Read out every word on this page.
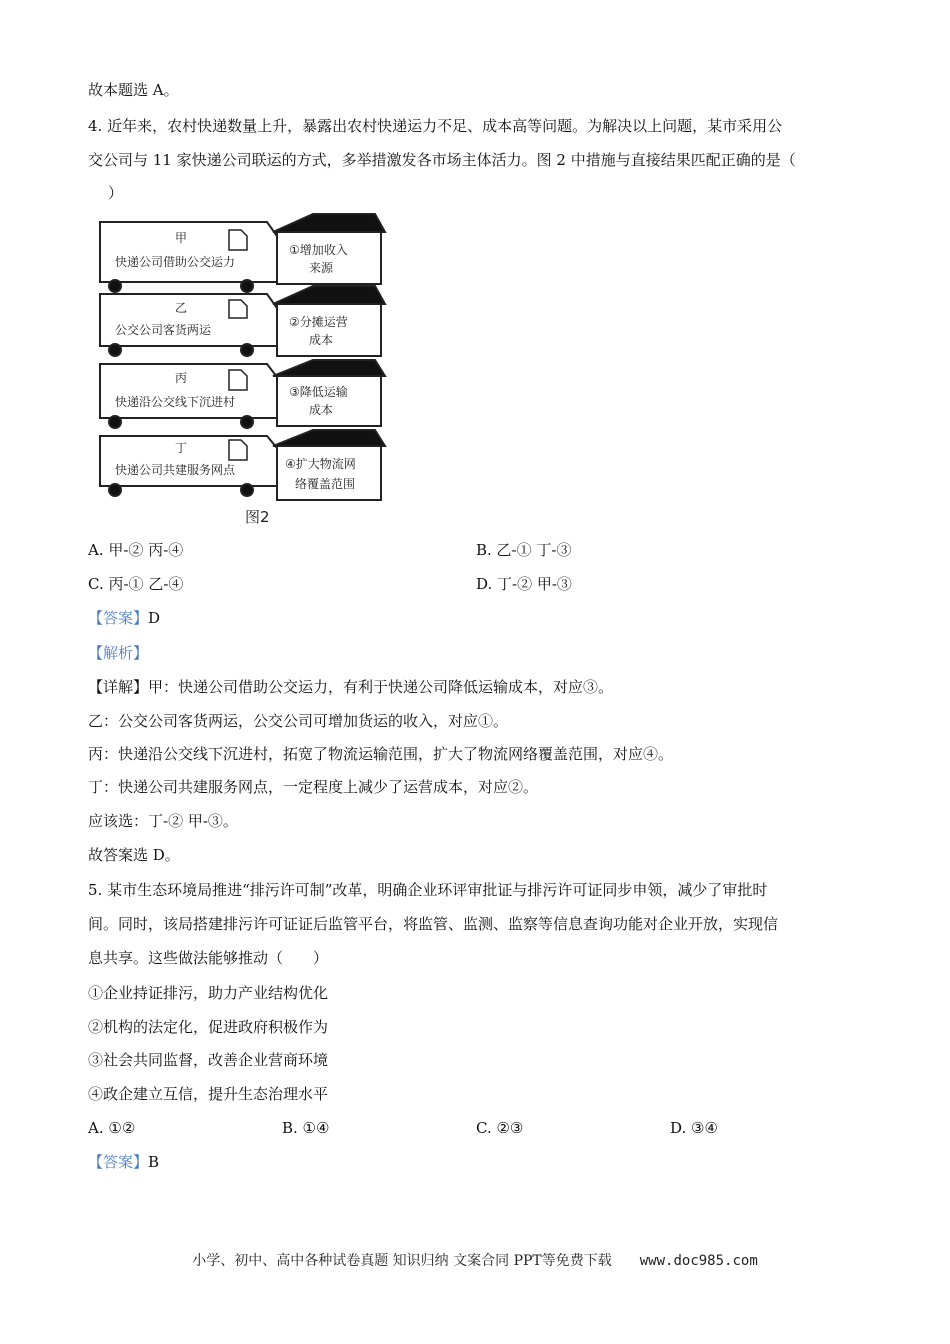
故本题选 A。
4. 近年来，农村快递数量上升，暴露出农村快递运力不足、成本高等问题。为解决以上问题，某市采用公
交公司与 11 家快递公司联运的方式，多举措激发各市场主体活力。图 2 中措施与直接结果匹配正确的是（
）
甲
快递公司借助公交运力
乙
公交公司客货两运
丙
快递沿公交线下沉进村
丁
快递公司共建服务网点
①增加收入
来源
②分摊运营
成本
③降低运输
成本
④扩大物流网
络覆盖范围
图2
A. 甲-② 丙-④	B. 乙-① 丁-③
C. 丙-① 乙-④	D. 丁-② 甲-③
【答案】D
【解析】
【详解】甲：快递公司借助公交运力，有利于快递公司降低运输成本，对应③。
乙：公交公司客货两运，公交公司可增加货运的收入，对应①。
丙：快递沿公交线下沉进村，拓宽了物流运输范围，扩大了物流网络覆盖范围，对应④。
丁：快递公司共建服务网点，一定程度上减少了运营成本，对应②。
应该选：丁-② 甲-③。
故答案选 D。
5. 某市生态环境局推进“排污许可制”改革，明确企业环评审批证与排污许可证同步申领，减少了审批时
间。同时，该局搭建排污许可证证后监管平台，将监管、监测、监察等信息查询功能对企业开放，实现信
息共享。这些做法能够推动（　　）
①企业持证排污，助力产业结构优化
②机构的法定化，促进政府积极作为
③社会共同监督，改善企业营商环境
④政企建立互信，提升生态治理水平
A. ①②	B. ①④	C. ②③	D. ③④
【答案】B
小学、初中、高中各种试卷真题 知识归纳 文案合同 PPT等免费下载 www.doc985.com
